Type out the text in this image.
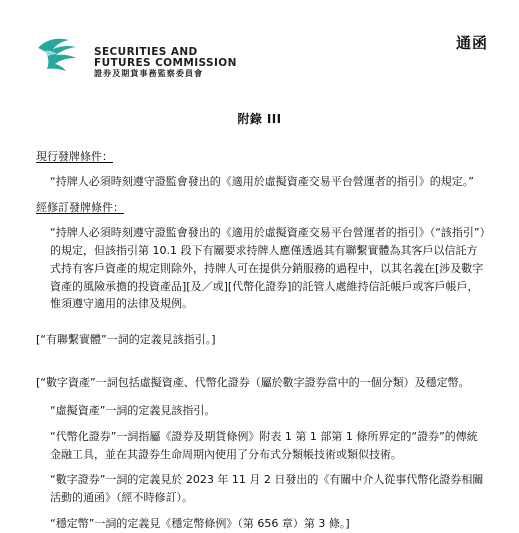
SECURITIES AND
FUTURES COMMISSION
證券及期貨事務監察委員會
通函
附錄 III
現行發牌條件：

“持牌人必須時刻遵守證監會發出的《適用於虛擬資產交易平台營運者的指引》的規定。”

經修訂發牌條件：

“持牌人必須時刻遵守證監會發出的《適用於虛擬資產交易平台營運者的指引》（“該指引”）的規定，但該指引第 10.1 段下有關要求持牌人應僅透過其有聯繫實體為其客戶以信託方式持有客戶資產的規定則除外，持牌人可在提供分銷服務的過程中，以其名義在[涉及數字資產的風險承擔的投資產品][及／或][代幣化證券]的託管人處維持信託帳戶或客戶帳戶，惟須遵守適用的法律及規例。

[“有聯繫實體”一詞的定義見該指引。]

[“數字資產”一詞包括虛擬資產、代幣化證券（屬於數字證券當中的一個分類）及穩定幣。

“虛擬資產”一詞的定義見該指引。

“代幣化證券”一詞指屬《證券及期貨條例》附表 1 第 1 部第 1 條所界定的“證券”的傳統金融工具，並在其證券生命周期內使用了分布式分類帳技術或類似技術。

“數字證券”一詞的定義見於 2023 年 11 月 2 日發出的《有關中介人從事代幣化證券相關活動的通函》（經不時修訂）。

“穩定幣”一詞的定義見《穩定幣條例》（第 656 章）第 3 條。]
